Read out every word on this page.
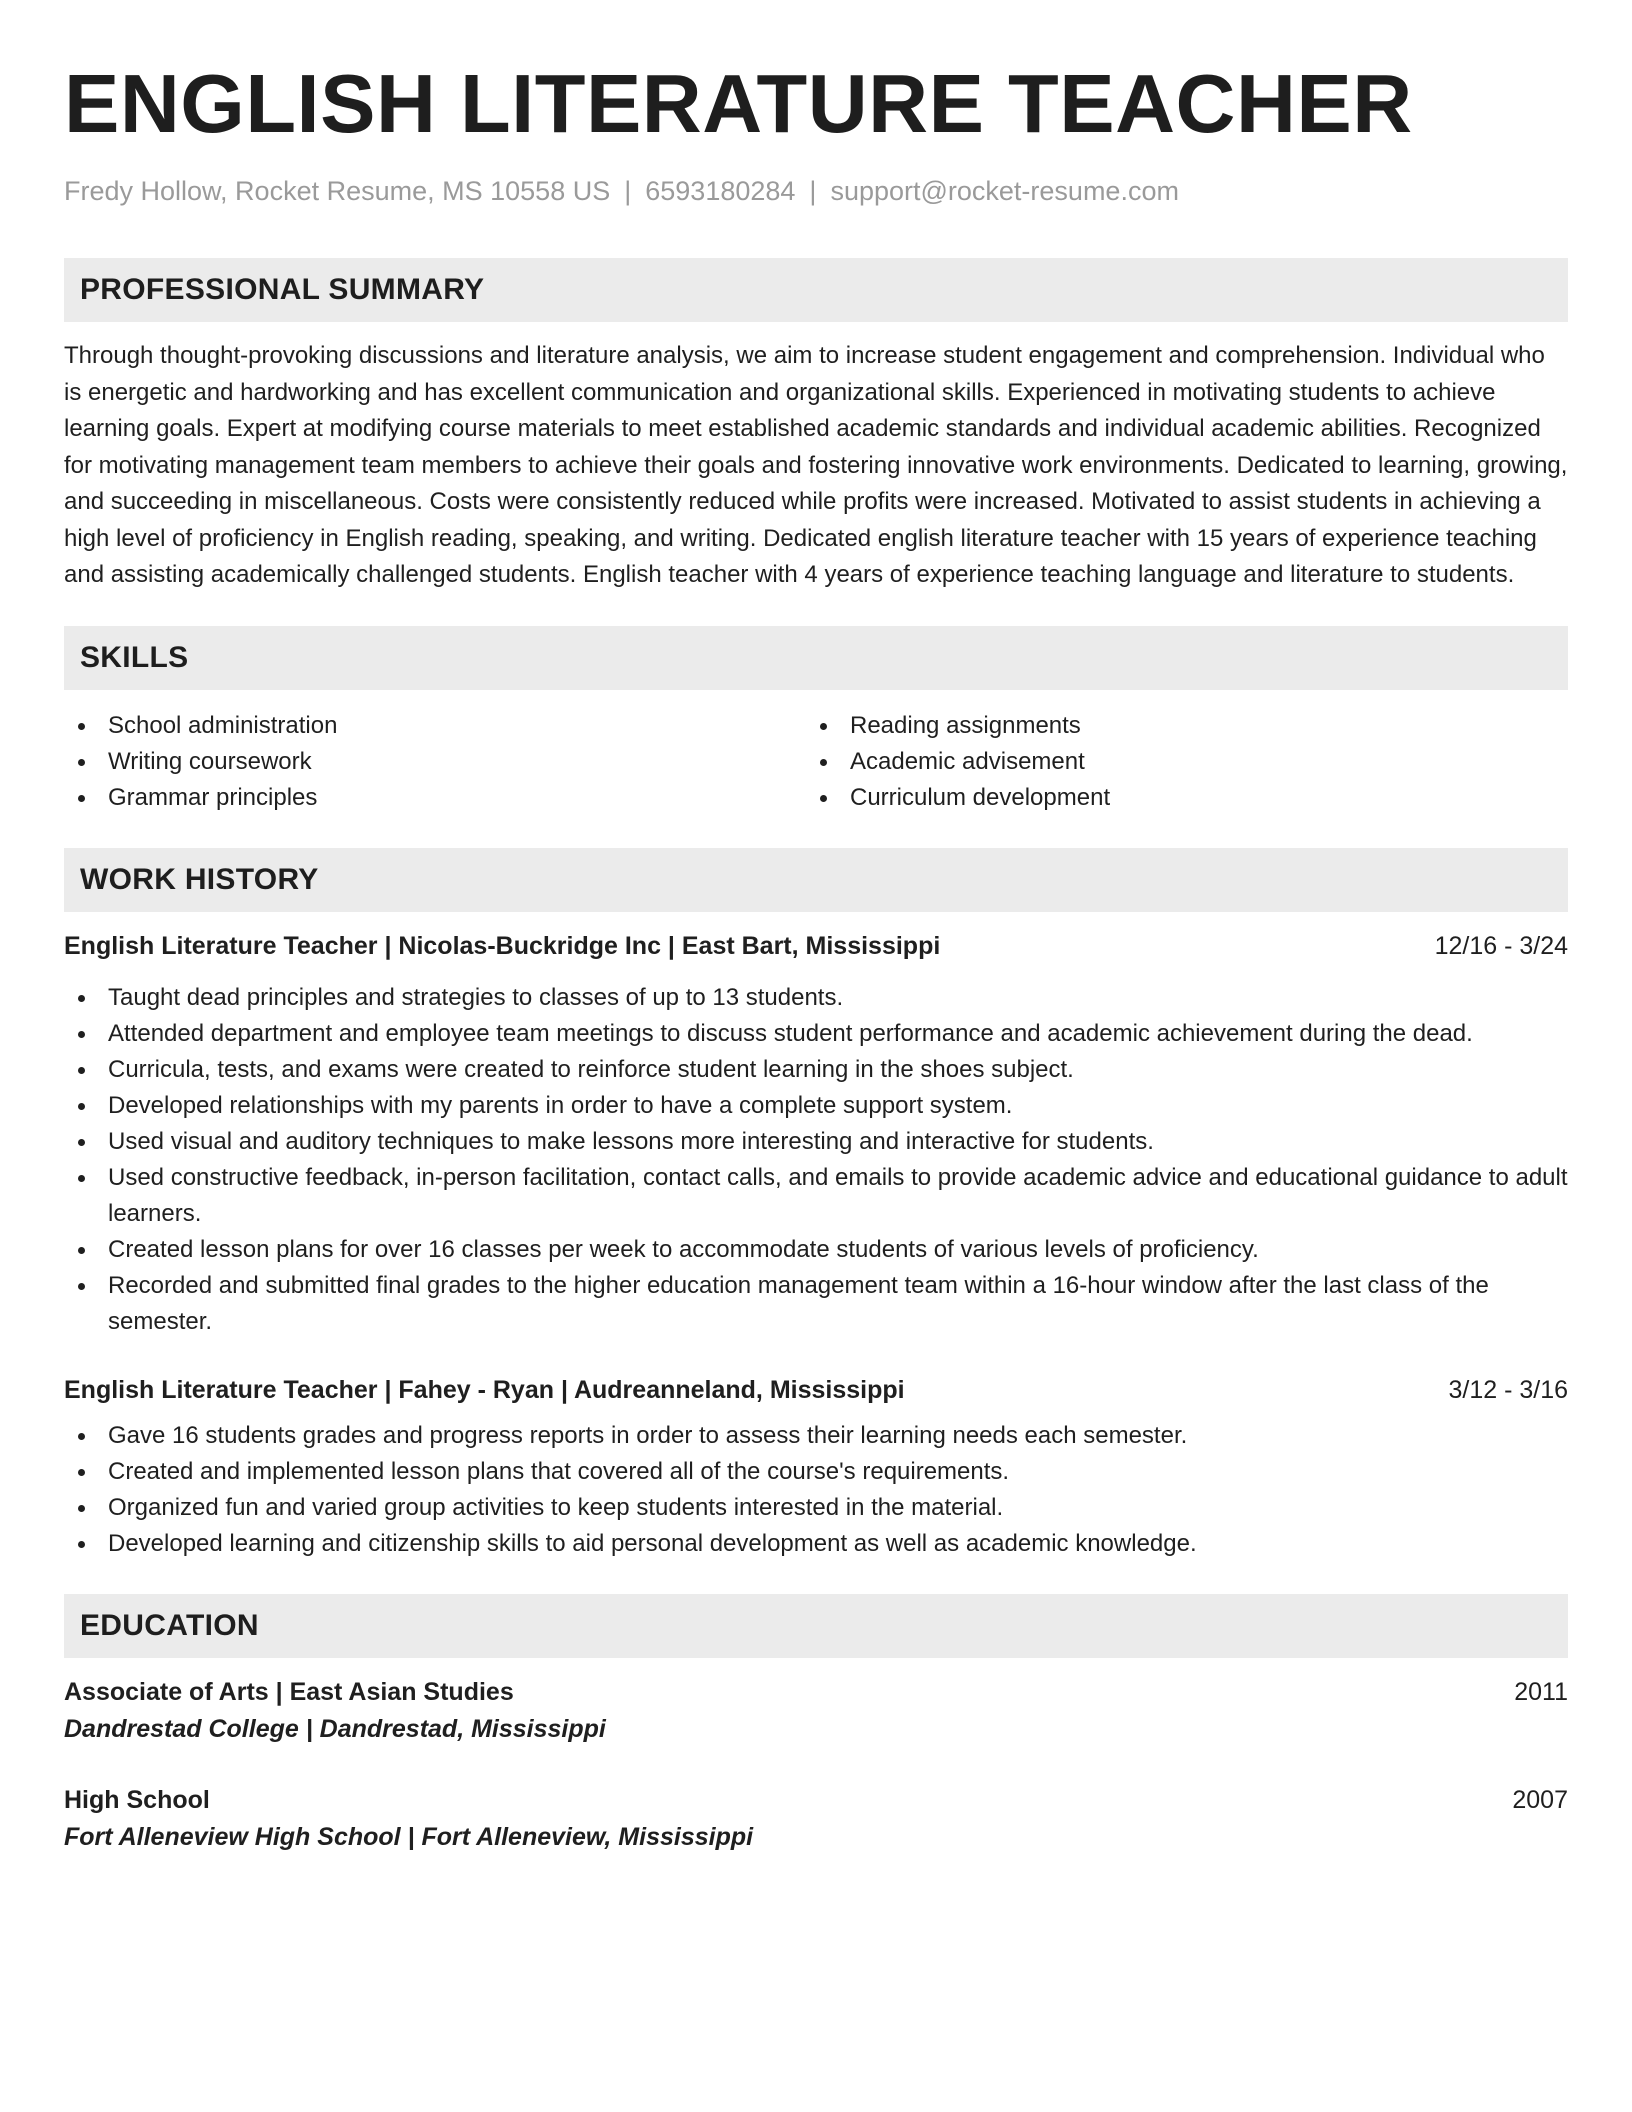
ENGLISH LITERATURE TEACHER
Fredy Hollow, Rocket Resume, MS 10558 US | 6593180284 | support@rocket-resume.com
PROFESSIONAL SUMMARY

Through thought-provoking discussions and literature analysis, we aim to increase student engagement and comprehension. Individual who is energetic and hardworking and has excellent communication and organizational skills. Experienced in motivating students to achieve learning goals. Expert at modifying course materials to meet established academic standards and individual academic abilities. Recognized for motivating management team members to achieve their goals and fostering innovative work environments. Dedicated to learning, growing, and succeeding in miscellaneous. Costs were consistently reduced while profits were increased. Motivated to assist students in achieving a high level of proficiency in English reading, speaking, and writing. Dedicated english literature teacher with 15 years of experience teaching and assisting academically challenged students. English teacher with 4 years of experience teaching language and literature to students.

SKILLS
School administration
Writing coursework
Grammar principles
Reading assignments
Academic advisement
Curriculum development
WORK HISTORY
English Literature Teacher | Nicolas-Buckridge Inc | East Bart, Mississippi	12/16 - 3/24
Taught dead principles and strategies to classes of up to 13 students.
Attended department and employee team meetings to discuss student performance and academic achievement during the dead.
Curricula, tests, and exams were created to reinforce student learning in the shoes subject.
Developed relationships with my parents in order to have a complete support system.
Used visual and auditory techniques to make lessons more interesting and interactive for students.
Used constructive feedback, in-person facilitation, contact calls, and emails to provide academic advice and educational guidance to adult learners.
Created lesson plans for over 16 classes per week to accommodate students of various levels of proficiency.
Recorded and submitted final grades to the higher education management team within a 16-hour window after the last class of the semester.
English Literature Teacher | Fahey - Ryan | Audreanneland, Mississippi	3/12 - 3/16
Gave 16 students grades and progress reports in order to assess their learning needs each semester.
Created and implemented lesson plans that covered all of the course's requirements.
Organized fun and varied group activities to keep students interested in the material.
Developed learning and citizenship skills to aid personal development as well as academic knowledge.
EDUCATION
Associate of Arts | East Asian Studies	2011
Dandrestad College | Dandrestad, Mississippi
High School	2007
Fort Alleneview High School | Fort Alleneview, Mississippi
